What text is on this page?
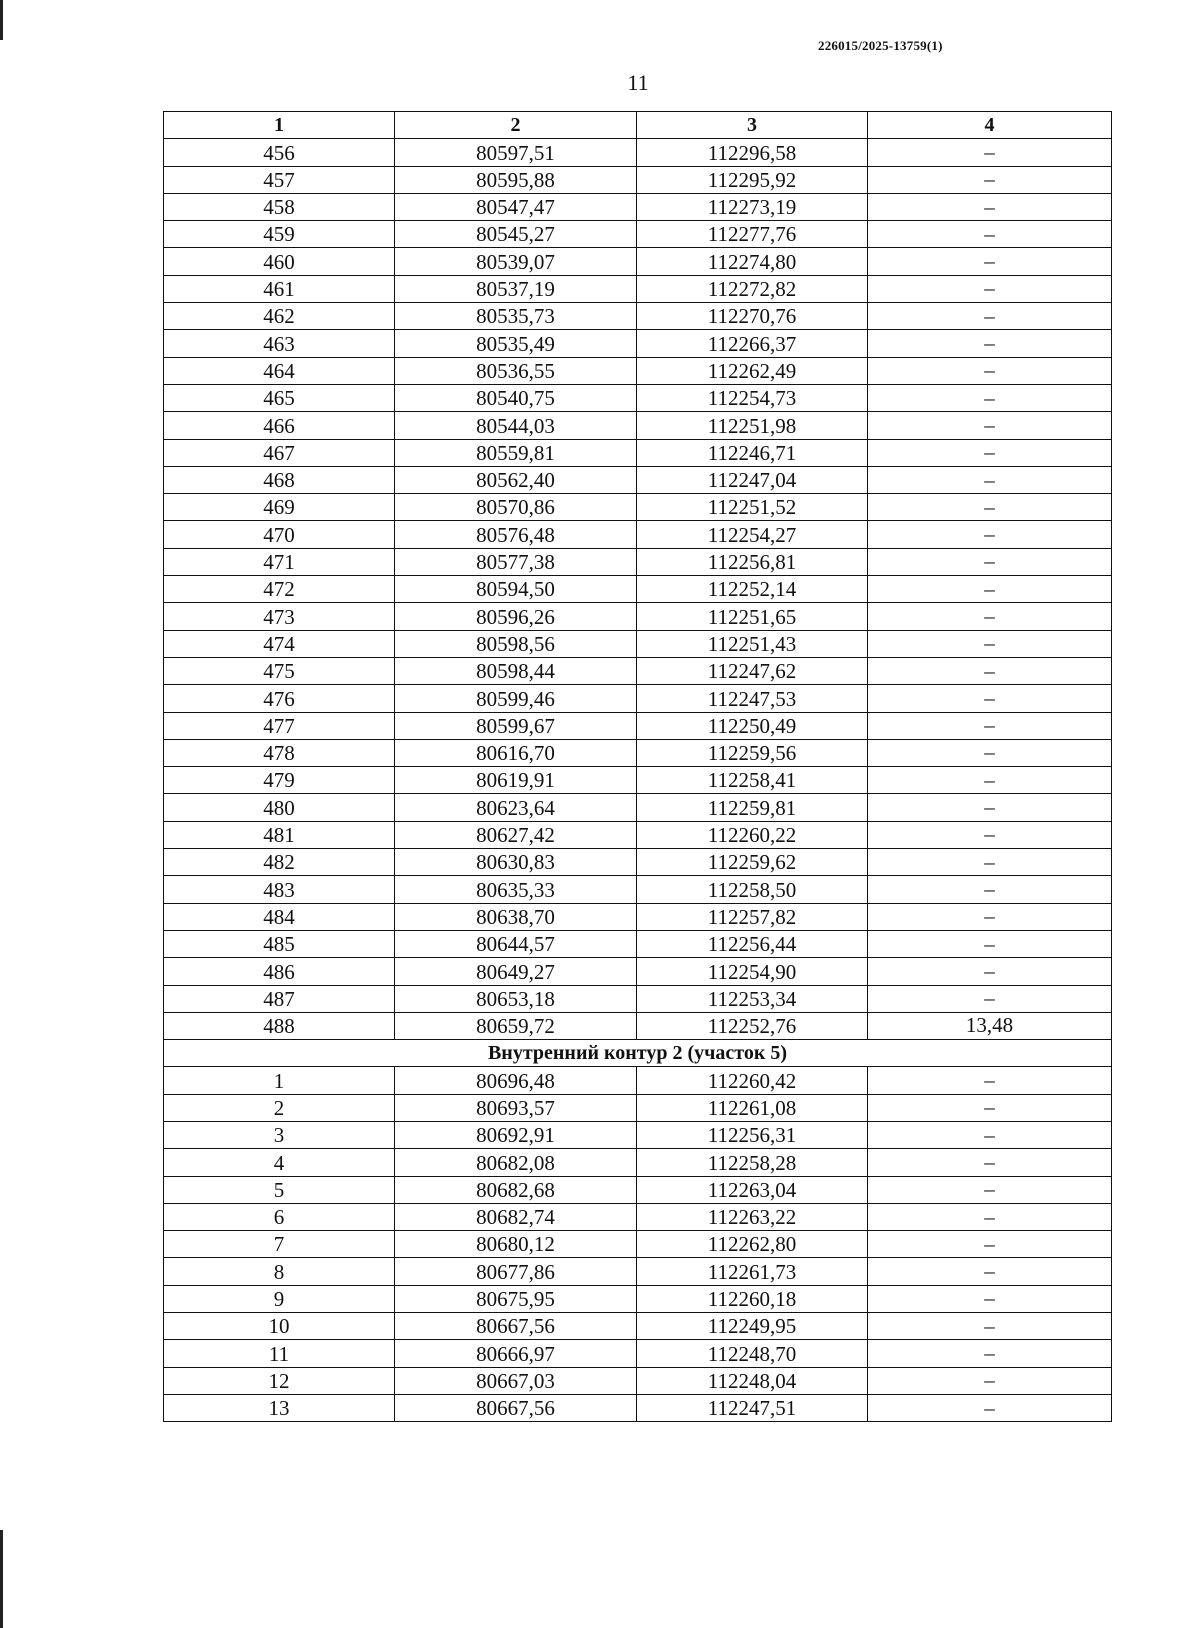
226015/2025-13759(1)
11
1	2	3	4
456	80597,51	112296,58	–
457	80595,88	112295,92	–
458	80547,47	112273,19	–
459	80545,27	112277,76	–
460	80539,07	112274,80	–
461	80537,19	112272,82	–
462	80535,73	112270,76	–
463	80535,49	112266,37	–
464	80536,55	112262,49	–
465	80540,75	112254,73	–
466	80544,03	112251,98	–
467	80559,81	112246,71	–
468	80562,40	112247,04	–
469	80570,86	112251,52	–
470	80576,48	112254,27	–
471	80577,38	112256,81	–
472	80594,50	112252,14	–
473	80596,26	112251,65	–
474	80598,56	112251,43	–
475	80598,44	112247,62	–
476	80599,46	112247,53	–
477	80599,67	112250,49	–
478	80616,70	112259,56	–
479	80619,91	112258,41	–
480	80623,64	112259,81	–
481	80627,42	112260,22	–
482	80630,83	112259,62	–
483	80635,33	112258,50	–
484	80638,70	112257,82	–
485	80644,57	112256,44	–
486	80649,27	112254,90	–
487	80653,18	112253,34	–
488	80659,72	112252,76	13,48
Внутренний контур 2 (участок 5)			
1	80696,48	112260,42	–
2	80693,57	112261,08	–
3	80692,91	112256,31	–
4	80682,08	112258,28	–
5	80682,68	112263,04	–
6	80682,74	112263,22	–
7	80680,12	112262,80	–
8	80677,86	112261,73	–
9	80675,95	112260,18	–
10	80667,56	112249,95	–
11	80666,97	112248,70	–
12	80667,03	112248,04	–
13	80667,56	112247,51	–
